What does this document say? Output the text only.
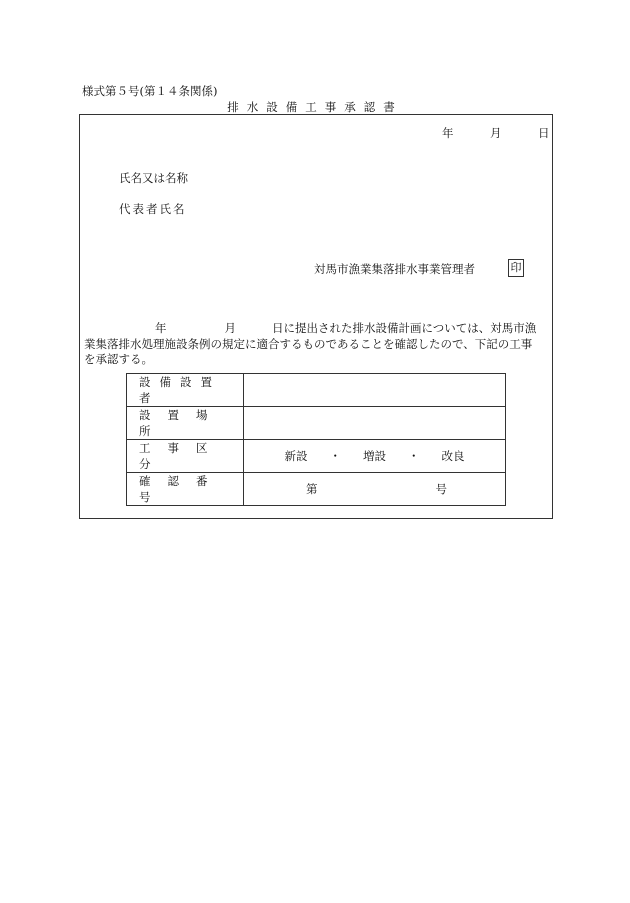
様式第５号(第１４条関係)
排水設備工事承認書
年	月	日
氏名又は名称
代表者氏名
対馬市漁業集落排水事業管理者	印
年	月	日に提出された排水設備計画については、対馬市漁
業集落排水処理施設条例の規定に適合するものであることを確認したので、下記の工事
を承認する。
設備設置者	

設置場所	

工事区分	新設 ・ 増設 ・ 改良

確認番号	第 号
